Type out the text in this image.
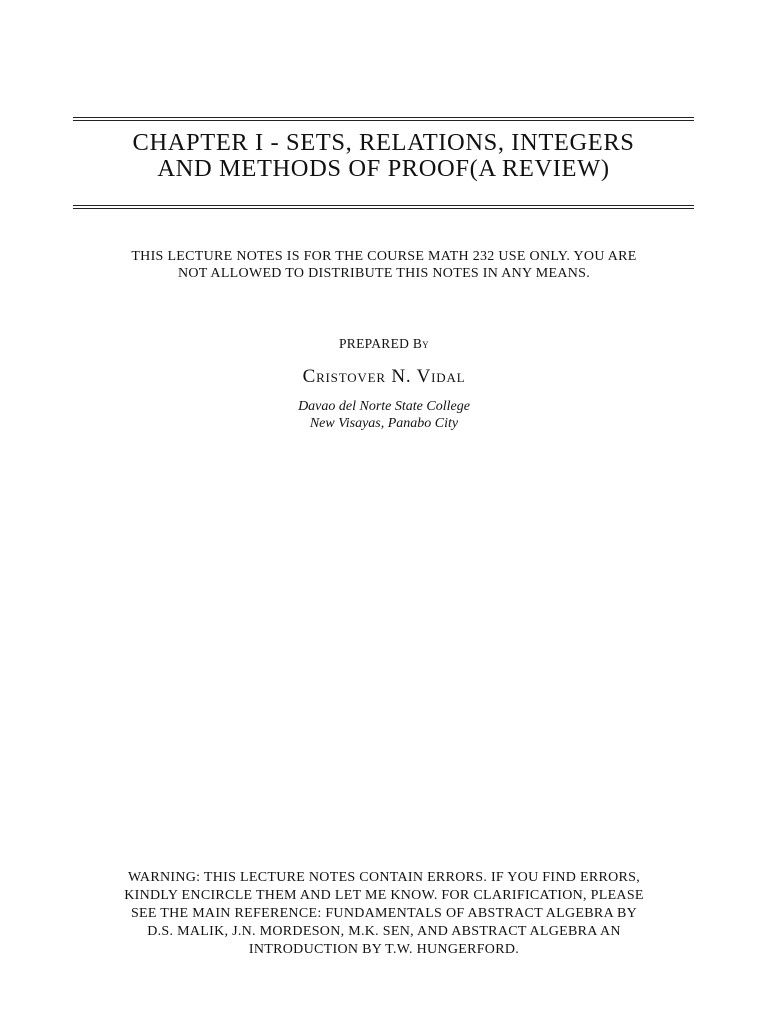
CHAPTER I - SETS, RELATIONS, INTEGERS
AND METHODS OF PROOF(A REVIEW)

THIS LECTURE NOTES IS FOR THE COURSE MATH 232 USE ONLY. YOU ARE
NOT ALLOWED TO DISTRIBUTE THIS NOTES IN ANY MEANS.

PREPARED By

Cristover N. Vidal

Davao del Norte State College
New Visayas, Panabo City

WARNING: THIS LECTURE NOTES CONTAIN ERRORS. IF YOU FIND ERRORS,
KINDLY ENCIRCLE THEM AND LET ME KNOW. FOR CLARIFICATION, PLEASE
SEE THE MAIN REFERENCE: FUNDAMENTALS OF ABSTRACT ALGEBRA BY
D.S. MALIK, J.N. MORDESON, M.K. SEN, AND ABSTRACT ALGEBRA AN
INTRODUCTION BY T.W. HUNGERFORD.
